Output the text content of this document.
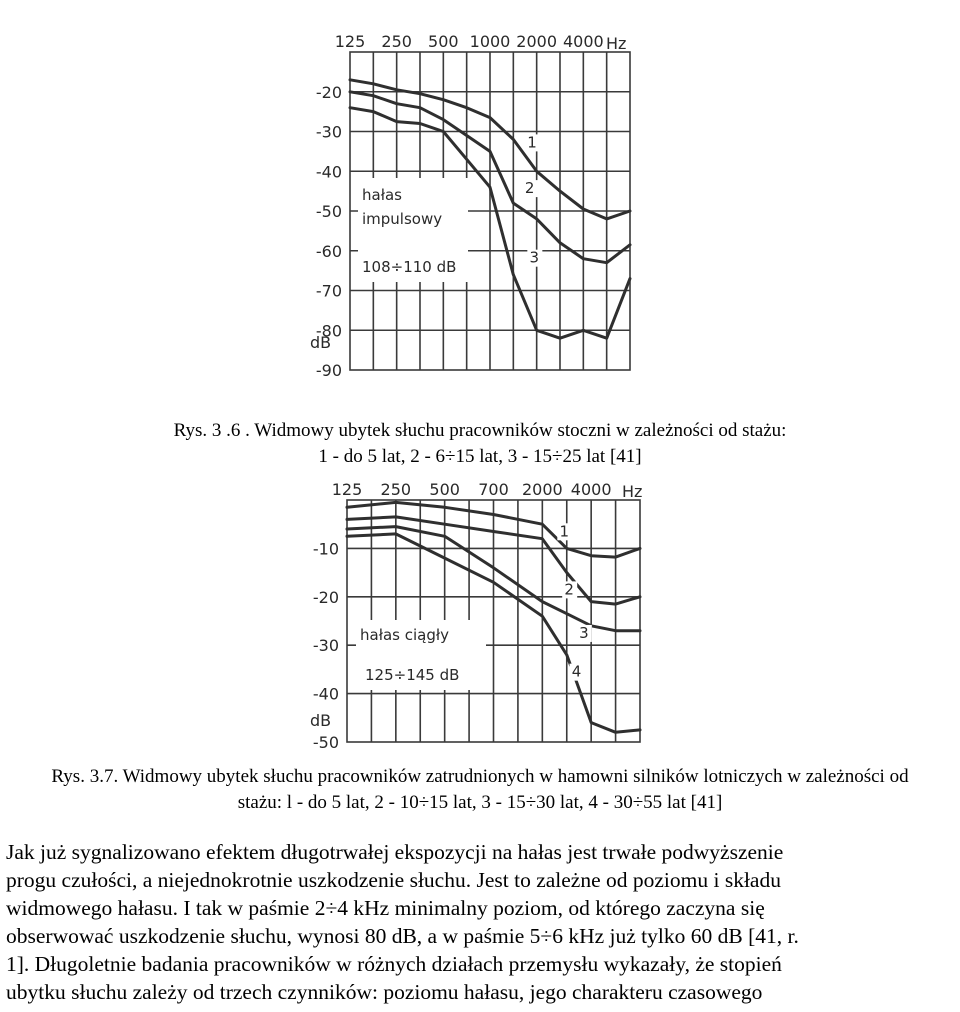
125 250 500 1000 2000 4000
-20
-30
-40
-50
-60
-70
-80
-90
1
2
3
Hz
dB
hałas
impulsowy
108÷110 dB
Rys. 3 .6 . Widmowy ubytek słuchu pracowników stoczni w zależności od stażu:
1 - do 5 lat, 2 - 6÷15 lat, 3 - 15÷25 lat [41]
125 250 500 700 2000 4000
-10
-20
-30
-40
-50
1
2
3
4
Hz
dB
hałas ciągły
125÷145 dB
Rys. 3.7. Widmowy ubytek słuchu pracowników zatrudnionych w hamowni silników lotniczych w zależności od
stażu: l - do 5 lat, 2 - 10÷15 lat, 3 - 15÷30 lat, 4 - 30÷55 lat [41]
Jak już sygnalizowano efektem długotrwałej ekspozycji na hałas jest trwałe podwyższenie
progu czułości, a niejednokrotnie uszkodzenie słuchu. Jest to zależne od poziomu i składu
widmowego hałasu. I tak w paśmie 2÷4 kHz minimalny poziom, od którego zaczyna się
obserwować uszkodzenie słuchu, wynosi 80 dB, a w paśmie 5÷6 kHz już tylko 60 dB [41, r.
1]. Długoletnie badania pracowników w różnych działach przemysłu wykazały, że stopień
ubytku słuchu zależy od trzech czynników: poziomu hałasu, jego charakteru czasowego
